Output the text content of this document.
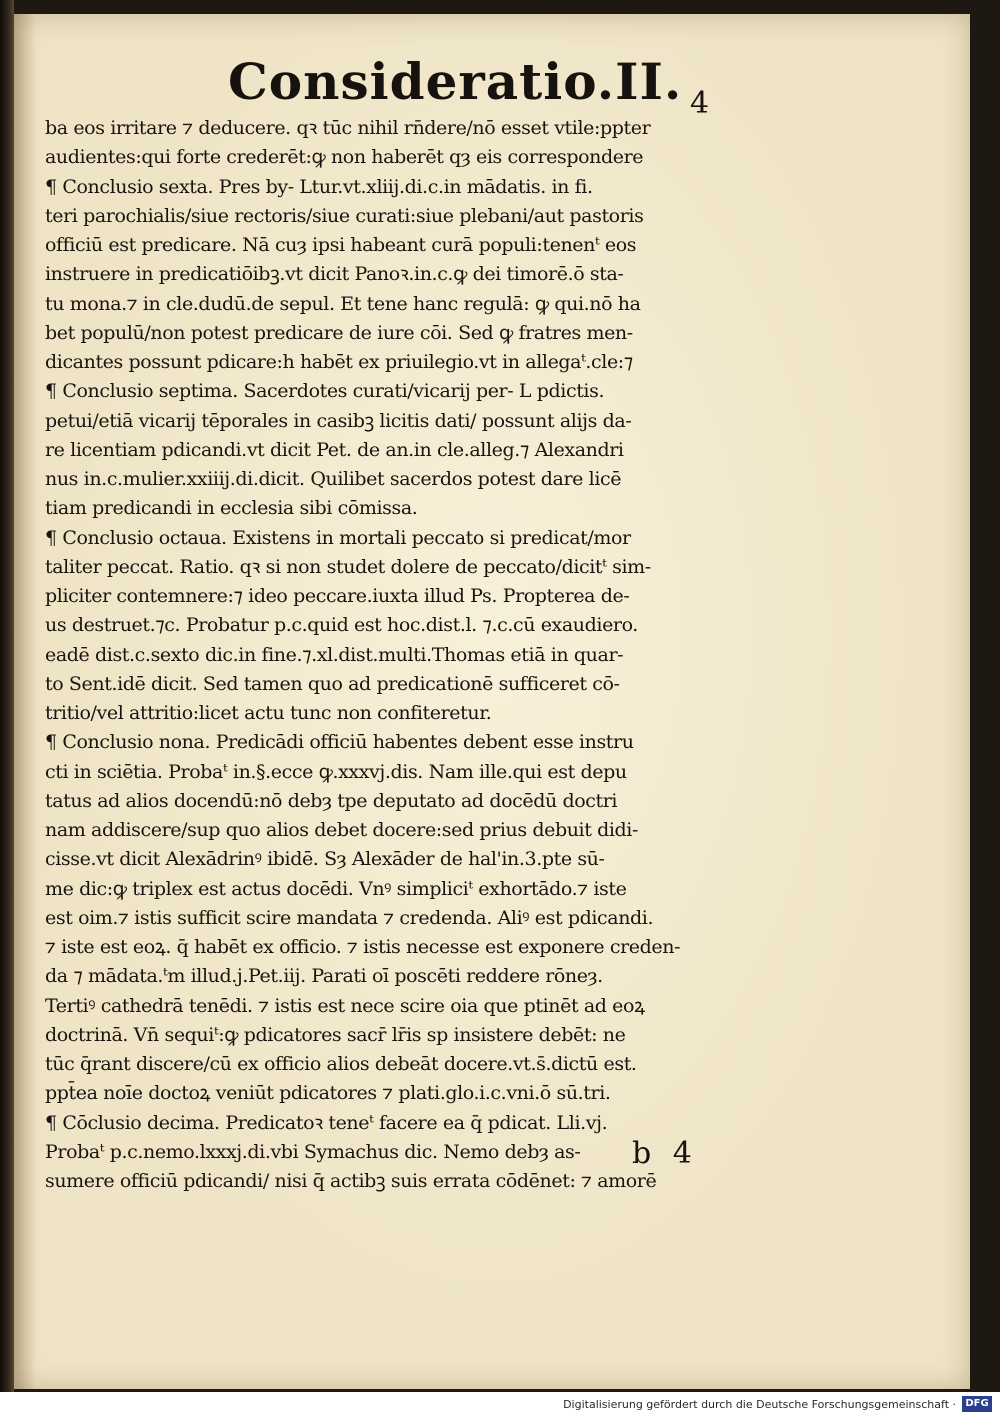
Consideratio.II. 4
ba eos irritare ⁊ deducere. qꝛ tūc nihil rn̄dere/nō esset vtile:ppter
audientes:qui forte crederēt:ꝙ non haberēt qȝ eis correspondere
¶ Conclusio sexta. Pres by- Ltur.vt.xliij.di.c.in mādatis. in fi.
teri parochialis/siue rectoris/siue curati:siue plebani/aut pastoris
officiū est predicare. Nā cuȝ ipsi habeant curā populi:tenenᵗ eos
instruere in predicatiōibꝫ.vt dicit Panoꝛ.in.c.ꝙ dei timorē.ō sta-
tu mona.⁊ in cle.dudū.de sepul. Et tene hanc regulā: ꝙ qui.nō ha
bet populū/non potest predicare de iure cōi. Sed ꝙ fratres men-
dicantes possunt pdicare:h habēt ex priuilegio.vt in allegaᵗ.cle:⁊
¶ Conclusio septima. Sacerdotes curati/vicarij per- L pdictis.
petui/etiā vicarij tēporales in casibꝫ licitis dati/ possunt alijs da-
re licentiam pdicandi.vt dicit Pet. de an.in cle.alleg.⁊ Alexandri
nus in.c.mulier.xxiiij.di.dicit. Quilibet sacerdos potest dare licē
tiam predicandi in ecclesia sibi cōmissa.
¶ Conclusio octaua. Existens in mortali peccato si predicat/mor
taliter peccat. Ratio. qꝛ si non studet dolere de peccato/dicitᵗ sim-
pliciter contemnere:⁊ ideo peccare.iuxta illud Ps. Propterea de-
us destruet.⁊c. Probatur p.c.quid est hoc.dist.l. ⁊.c.cū exaudiero.
eadē dist.c.sexto dic.in fine.⁊.xl.dist.multi.Thomas etiā in quar-
to Sent.idē dicit. Sed tamen quo ad predicationē sufficeret cō-
tritio/vel attritio:licet actu tunc non confiteretur.
¶ Conclusio nona. Predicādi officiū habentes debent esse instru
cti in sciētia. Probaᵗ in.§.ecce ꝙ.xxxvj.dis. Nam ille.qui est depu
tatus ad alios docendū:nō debȝ tpe deputato ad docēdū doctri
nam addiscere/sup quo alios debet docere:sed prius debuit didi-
cisse.vt dicit Alexādrinꝰ ibidē. Sȝ Alexāder de hal'in.3.pte sū-
me dic:ꝙ triplex est actus docēdi. Vnꝰ simpliciᵗ exhortādo.⁊ iste
est oim.⁊ istis sufficit scire mandata ⁊ credenda. Aliꝰ est pdicandi.
⁊ iste est eoꝝ. q̄ habēt ex officio. ⁊ istis necesse est exponere creden-
da ⁊ mādata.ᵗm illud.j.Pet.iij. Parati oī poscēti reddere rōneȝ.
Tertiꝰ cathedrā tenēdi. ⁊ istis est nece scire oia que ptinēt ad eoꝝ
doctrinā. Vn̄ sequiᵗ:ꝙ pdicatores sacr̄ lr̄is sp insistere debēt: ne
tūc q̄rant discere/cū ex officio alios debeāt docere.vt.s̄.dictū est.
ppt̄ea noīe doctoꝝ veniūt pdicatores ⁊ plati.glo.i.c.vni.ō sū.tri.
¶ Cōclusio decima. Predicatoꝛ teneᵗ facere ea q̄ pdicat. Lli.vj.
Probaᵗ p.c.nemo.lxxxj.di.vbi Symachus dic. Nemo debȝ as-
sumere officiū pdicandi/ nisi q̄ actibꝫ suis errata cōdēnet: ⁊ amorē
b 4
Digitalisierung gefördert durch die Deutsche Forschungsgemeinschaft · DFG
